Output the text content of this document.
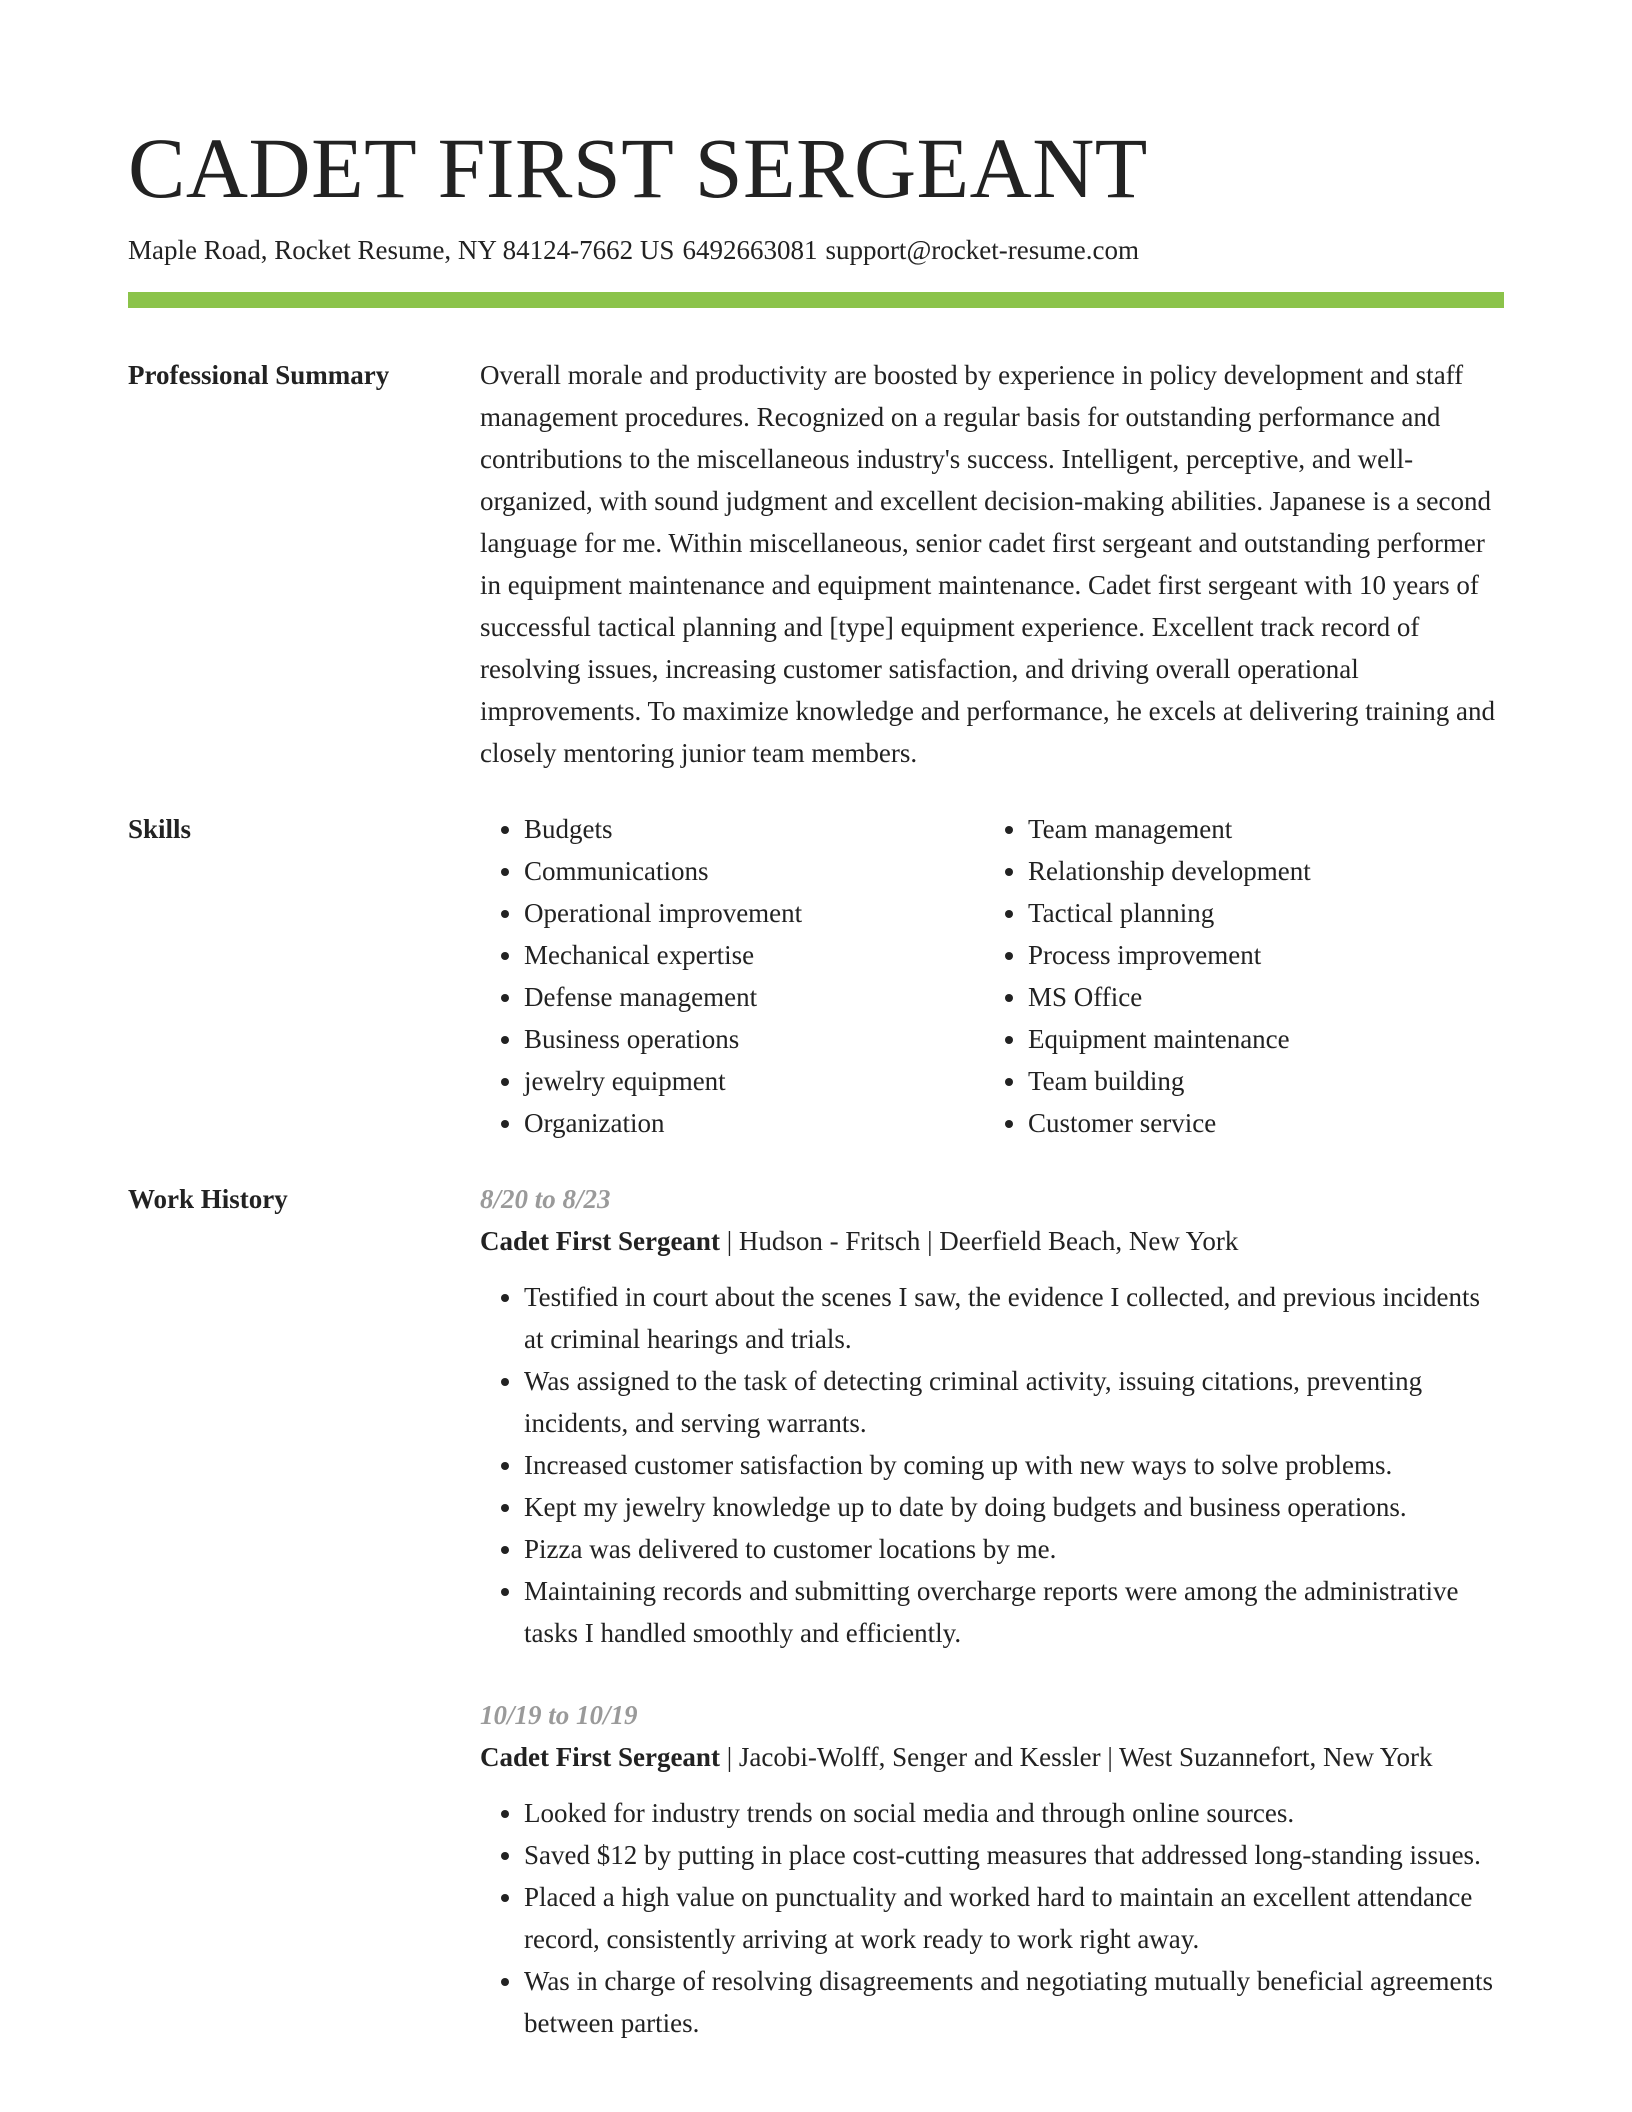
CADET FIRST SERGEANT
Maple Road, Rocket Resume, NY 84124-7662 US 6492663081 support@rocket-resume.com
Professional Summary	Overall morale and productivity are boosted by experience in policy development and staff management procedures. Recognized on a regular basis for outstanding performance and contributions to the miscellaneous industry's success. Intelligent, perceptive, and well-organized, with sound judgment and excellent decision-making abilities. Japanese is a second language for me. Within miscellaneous, senior cadet first sergeant and outstanding performer in equipment maintenance and equipment maintenance. Cadet first sergeant with 10 years of successful tactical planning and [type] equipment experience. Excellent track record of resolving issues, increasing customer satisfaction, and driving overall operational improvements. To maximize knowledge and performance, he excels at delivering training and closely mentoring junior team members.

Skills
•	Budgets
• Communications
• Operational improvement
• Mechanical expertise
• Defense management
• Business operations
• jewelry equipment
• Organization
• Team management
• Relationship development
• Tactical planning
• Process improvement
• MS Office
• Equipment maintenance
• Team building
• Customer service
Work History	8/20 to 8/23
Cadet First Sergeant | Hudson - Fritsch | Deerfield Beach, New York
• Testified in court about the scenes I saw, the evidence I collected, and previous incidents at criminal hearings and trials.
• Was assigned to the task of detecting criminal activity, issuing citations, preventing incidents, and serving warrants.
• Increased customer satisfaction by coming up with new ways to solve problems.
• Kept my jewelry knowledge up to date by doing budgets and business operations.
• Pizza was delivered to customer locations by me.
• Maintaining records and submitting overcharge reports were among the administrative tasks I handled smoothly and efficiently.
10/19 to 10/19
Cadet First Sergeant | Jacobi-Wolff, Senger and Kessler | West Suzannefort, New York
• Looked for industry trends on social media and through online sources.
• Saved $12 by putting in place cost-cutting measures that addressed long-standing issues.
• Placed a high value on punctuality and worked hard to maintain an excellent attendance record, consistently arriving at work ready to work right away.
• Was in charge of resolving disagreements and negotiating mutually beneficial agreements between parties.
